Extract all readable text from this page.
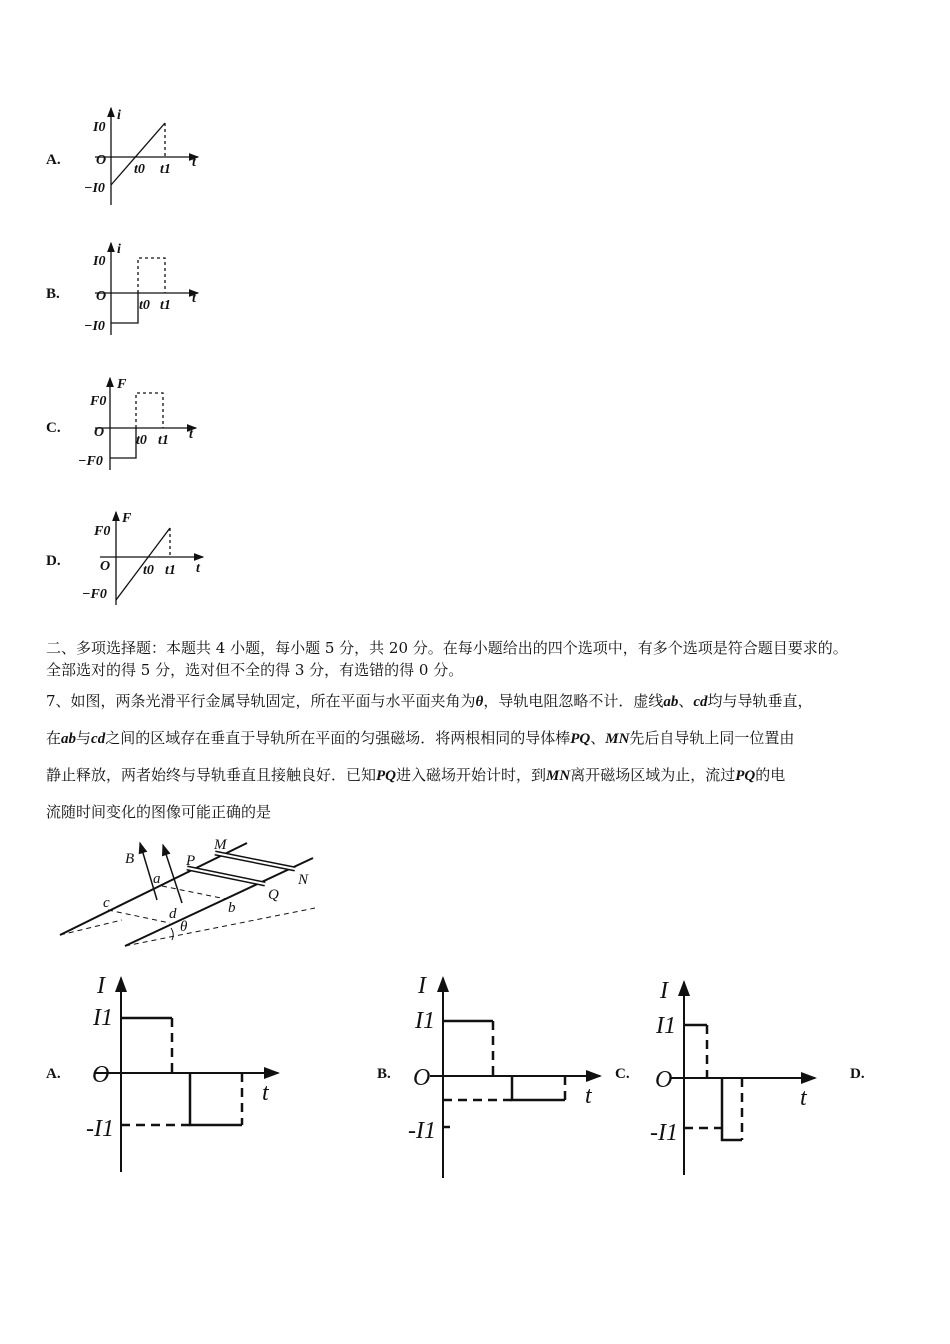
A.
B.
C.
D.
I0
i
O
t0 t1 t
−I0
I0
i
O
t0 t1 t
−I0
F0
F
O
t0 t1 t
−F0
F0
F
O t0 t1 t
−F0
B
a
b
c
d
P
Q
M
N
θ
I
I1
O
-I1
t
I
I1
O
-I1
t
I
I1
O
-I1
t
二、多项选择题：本题共 4 小题，每小题 5 分，共 20 分。在每小题给出的四个选项中，有多个选项是符合题目要求的。
全部选对的得 5 分，选对但不全的得 3 分，有选错的得 0 分。
7、如图，两条光滑平行金属导轨固定，所在平面与水平面夹角为θ，导轨电阻忽略不计．虚线ab、cd均与导轨垂直，
在ab与cd之间的区域存在垂直于导轨所在平面的匀强磁场．将两根相同的导体棒PQ、MN先后自导轨上同一位置由
静止释放，两者始终与导轨垂直且接触良好．已知PQ进入磁场开始计时，到MN离开磁场区域为止，流过PQ的电
流随时间变化的图像可能正确的是
A.	B.	C.	D.
